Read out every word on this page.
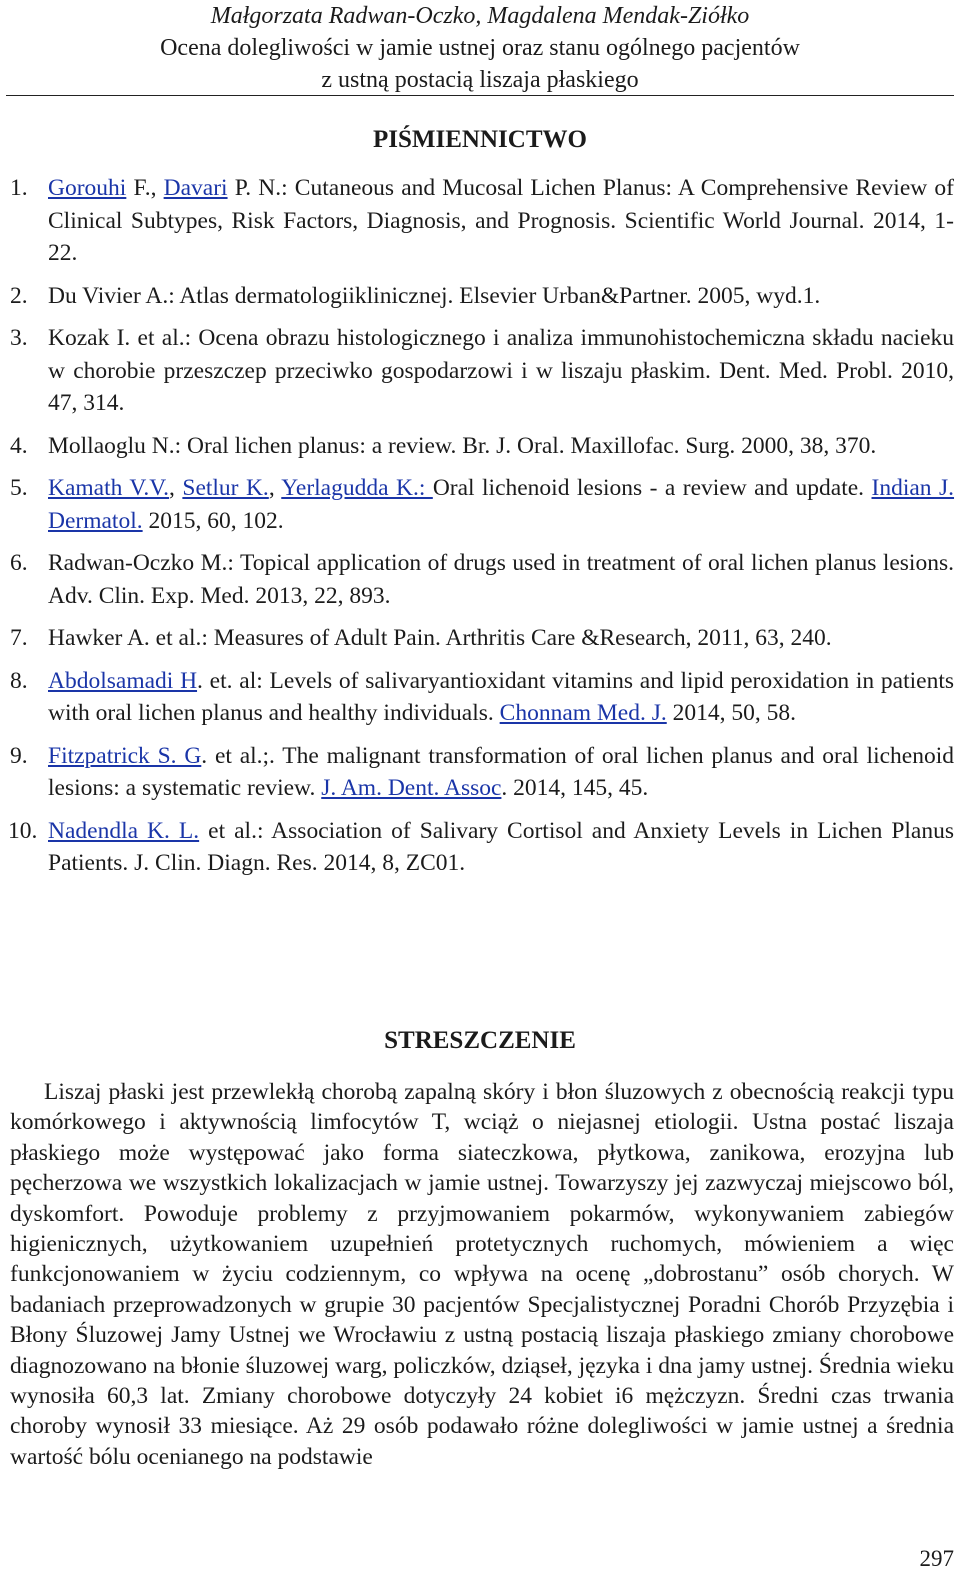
Małgorzata Radwan-Oczko, Magdalena Mendak-Ziółko
Ocena dolegliwości w jamie ustnej oraz stanu ogólnego pacjentów
z ustną postacią liszaja płaskiego
PIŚMIENNICTWO
1. Gorouhi F., Davari P. N.: Cutaneous and Mucosal Lichen Planus: A Comprehensive Review of Clinical Subtypes, Risk Factors, Diagnosis, and Prognosis. Scientific World Journal. 2014, 1-22.
2. Du Vivier A.: Atlas dermatologiiklinicznej. Elsevier Urban&Partner. 2005, wyd.1.
3. Kozak I. et al.: Ocena obrazu histologicznego i analiza immunohistochemiczna składu nacieku w chorobie przeszczep przeciwko gospodarzowi i w liszaju płaskim. Dent. Med. Probl. 2010, 47, 314.
4. Mollaoglu N.: Oral lichen planus: a review. Br. J. Oral. Maxillofac. Surg. 2000, 38, 370.
5. Kamath V.V., Setlur K., Yerlagudda K.: Oral lichenoid lesions - a review and update. Indian J. Dermatol. 2015, 60, 102.
6. Radwan-Oczko M.: Topical application of drugs used in treatment of oral lichen planus lesions. Adv. Clin. Exp. Med. 2013, 22, 893.
7. Hawker A. et al.: Measures of Adult Pain. Arthritis Care &Research, 2011, 63, 240.
8. Abdolsamadi H. et. al: Levels of salivaryantioxidant vitamins and lipid peroxidation in patients with oral lichen planus and healthy individuals. Chonnam Med. J. 2014, 50, 58.
9. Fitzpatrick S. G. et al.;. The malignant transformation of oral lichen planus and oral lichenoid lesions: a systematic review. J. Am. Dent. Assoc. 2014, 145, 45.
10. Nadendla K. L. et al.: Association of Salivary Cortisol and Anxiety Levels in Lichen Planus Patients. J. Clin. Diagn. Res. 2014, 8, ZC01.
STRESZCZENIE

Liszaj płaski jest przewlekłą chorobą zapalną skóry i błon śluzowych z obecnością reakcji typu komórkowego i aktywnością limfocytów T, wciąż o niejasnej etiologii. Ustna postać liszaja płaskiego może występować jako forma siateczkowa, płytkowa, zanikowa, erozyjna lub pęcherzowa we wszystkich lokalizacjach w jamie ustnej. Towarzyszy jej zazwyczaj miejscowo ból, dyskomfort. Powoduje problemy z przyjmowaniem pokarmów, wykonywaniem zabiegów higienicznych, użytkowaniem uzupełnień protetycznych ruchomych, mówieniem a więc funkcjonowaniem w życiu codziennym, co wpływa na ocenę „dobrostanu” osób chorych. W badaniach przeprowadzonych w grupie 30 pacjentów Specjalistycznej Poradni Chorób Przyzębia i Błony Śluzowej Jamy Ustnej we Wrocławiu z ustną postacią liszaja płaskiego zmiany chorobowe diagnozowano na błonie śluzowej warg, policzków, dziąseł, języka i dna jamy ustnej. Średnia wieku wynosiła 60,3 lat. Zmiany chorobowe dotyczyły 24 kobiet i6 mężczyzn. Średni czas trwania choroby wynosił 33 miesiące. Aż 29 osób podawało różne dolegliwości w jamie ustnej a średnia wartość bólu ocenianego na podstawie

297
